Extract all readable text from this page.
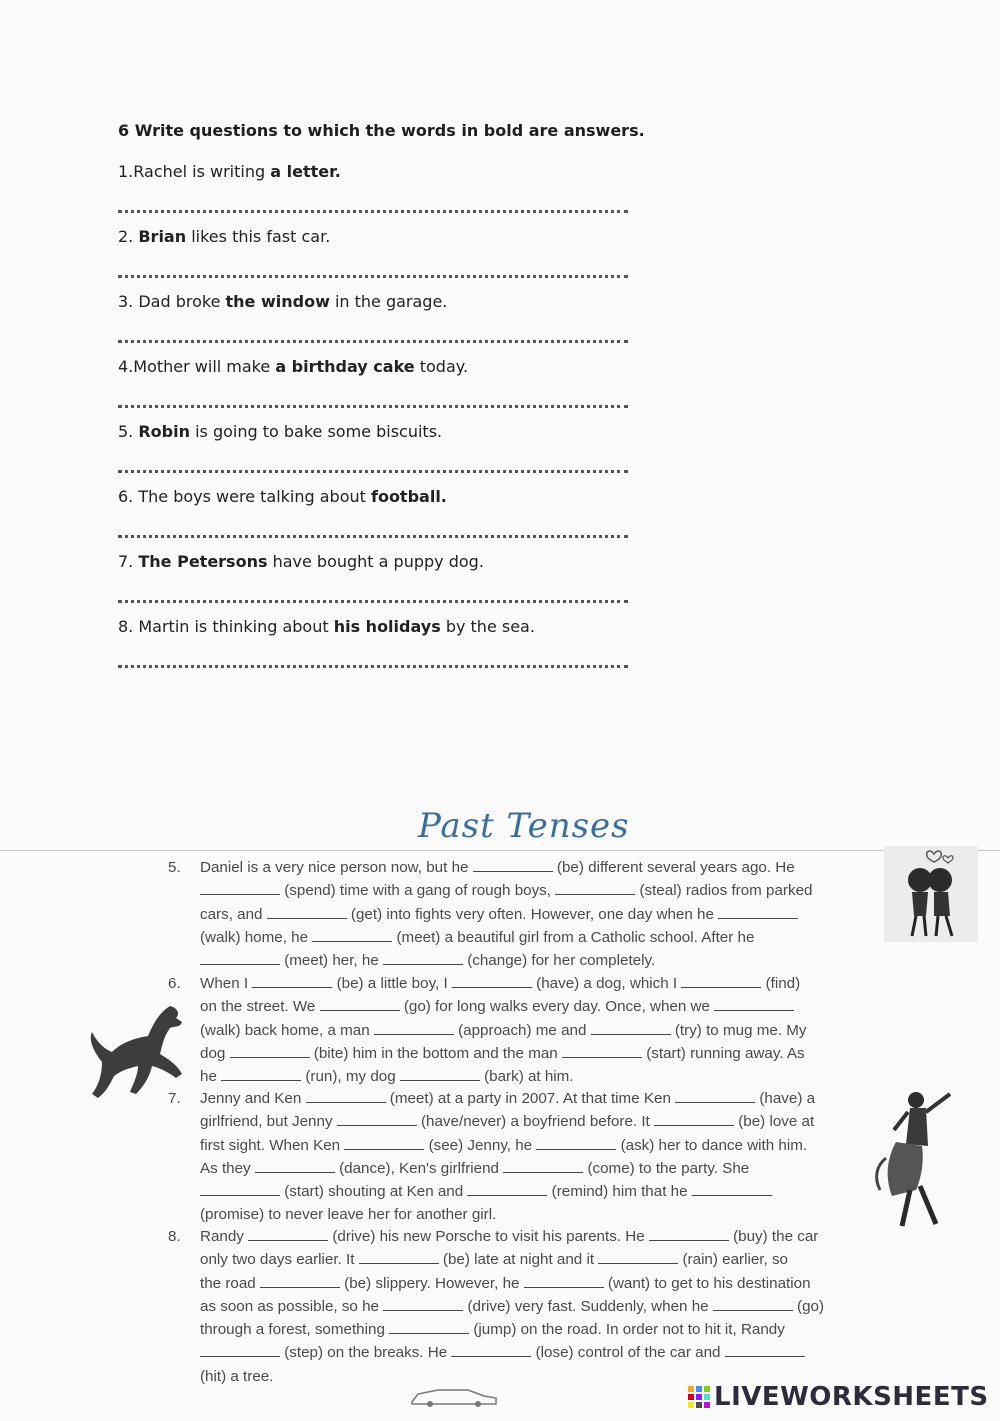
6 Write questions to which the words in bold are answers.
1.Rachel is writing a letter.
2. Brian likes this fast car.
3. Dad broke the window in the garage.
4.Mother will make a birthday cake today.
5. Robin is going to bake some biscuits.
6. The boys were talking about football.
7. The Petersons have bought a puppy dog.
8. Martin is thinking about his holidays by the sea.
Past Tenses
5.	Daniel is a very nice person now, but he	(be) different several years ago. He
(spend) time with a gang of rough boys,	(steal) radios from parked
cars, and	(get) into fights very often. However, one day when he
(walk) home, he	(meet) a beautiful girl from a Catholic school. After he
(meet) her, he	(change) for her completely.
6.	When I	(be) a little boy, I	(have) a dog, which I	(find)
on the street. We	(go) for long walks every day. Once, when we
(walk) back home, a man	(approach) me and	(try) to mug me. My
dog	(bite) him in the bottom and the man	(start) running away. As
he	(run), my dog	(bark) at him.
7.	Jenny and Ken	(meet) at a party in 2007. At that time Ken	(have) a
girlfriend, but Jenny	(have/never) a boyfriend before. It	(be) love at
first sight. When Ken	(see) Jenny, he	(ask) her to dance with him.
As they	(dance), Ken's girlfriend	(come) to the party. She
(start) shouting at Ken and	(remind) him that he
(promise) to never leave her for another girl.
8.	Randy	(drive) his new Porsche to visit his parents. He	(buy) the car
only two days earlier. It	(be) late at night and it	(rain) earlier, so
the road	(be) slippery. However, he	(want) to get to his destination
as soon as possible, so he	(drive) very fast. Suddenly, when he	(go)
through a forest, something	(jump) on the road. In order not to hit it, Randy
(step) on the breaks. He	(lose) control of the car and
(hit) a tree.
LIVEWORKSHEETS
